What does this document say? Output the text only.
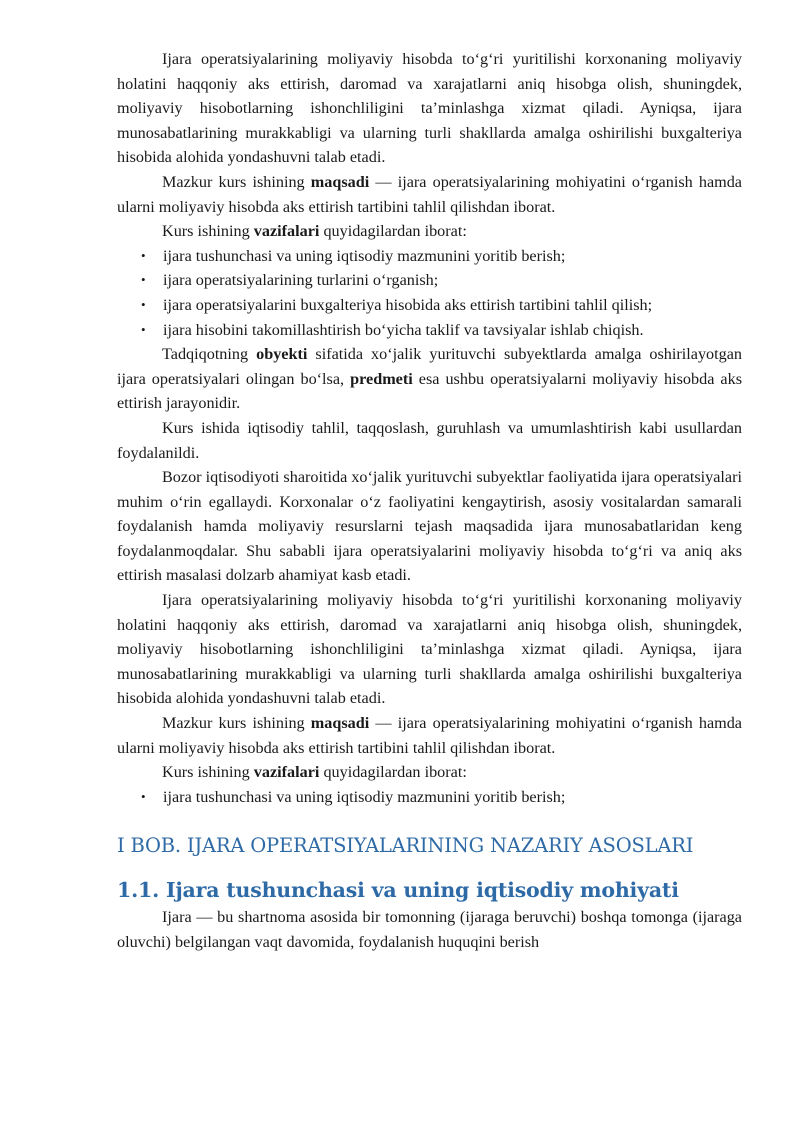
Ijara operatsiyalarining moliyaviy hisobda to‘g‘ri yuritilishi korxonaning moliyaviy holatini haqqoniy aks ettirish, daromad va xarajatlarni aniq hisobga olish, shuningdek, moliyaviy hisobotlarning ishonchliligini ta’minlashga xizmat qiladi. Ayniqsa, ijara munosabatlarining murakkabligi va ularning turli shakllarda amalga oshirilishi buxgalteriya hisobida alohida yondashuvni talab etadi.

Mazkur kurs ishining maqsadi — ijara operatsiyalarining mohiyatini o‘rganish hamda ularni moliyaviy hisobda aks ettirish tartibini tahlil qilishdan iborat.

Kurs ishining vazifalari quyidagilardan iborat:

• ijara tushunchasi va uning iqtisodiy mazmunini yoritib berish;
• ijara operatsiyalarining turlarini o‘rganish;
• ijara operatsiyalarini buxgalteriya hisobida aks ettirish tartibini tahlil qilish;
• ijara hisobini takomillashtirish bo‘yicha taklif va tavsiyalar ishlab chiqish.

Tadqiqotning obyekti sifatida xo‘jalik yurituvchi subyektlarda amalga oshirilayotgan ijara operatsiyalari olingan bo‘lsa, predmeti esa ushbu operatsiyalarni moliyaviy hisobda aks ettirish jarayonidir.

Kurs ishida iqtisodiy tahlil, taqqoslash, guruhlash va umumlashtirish kabi usullardan foydalanildi.

Bozor iqtisodiyoti sharoitida xo‘jalik yurituvchi subyektlar faoliyatida ijara operatsiyalari muhim o‘rin egallaydi. Korxonalar o‘z faoliyatini kengaytirish, asosiy vositalardan samarali foydalanish hamda moliyaviy resurslarni tejash maqsadida ijara munosabatlaridan keng foydalanmoqdalar. Shu sababli ijara operatsiyalarini moliyaviy hisobda to‘g‘ri va aniq aks ettirish masalasi dolzarb ahamiyat kasb etadi.

Ijara operatsiyalarining moliyaviy hisobda to‘g‘ri yuritilishi korxonaning moliyaviy holatini haqqoniy aks ettirish, daromad va xarajatlarni aniq hisobga olish, shuningdek, moliyaviy hisobotlarning ishonchliligini ta’minlashga xizmat qiladi. Ayniqsa, ijara munosabatlarining murakkabligi va ularning turli shakllarda amalga oshirilishi buxgalteriya hisobida alohida yondashuvni talab etadi.

Mazkur kurs ishining maqsadi — ijara operatsiyalarining mohiyatini o‘rganish hamda ularni moliyaviy hisobda aks ettirish tartibini tahlil qilishdan iborat.

Kurs ishining vazifalari quyidagilardan iborat:

• ijara tushunchasi va uning iqtisodiy mazmunini yoritib berish;
I BOB. IJARA OPERATSIYALARINING NAZARIY ASOSLARI
1.1. Ijara tushunchasi va uning iqtisodiy mohiyati

Ijara — bu shartnoma asosida bir tomonning (ijaraga beruvchi) boshqa tomonga (ijaraga oluvchi) belgilangan vaqt davomida, foydalanish huquqini berish
